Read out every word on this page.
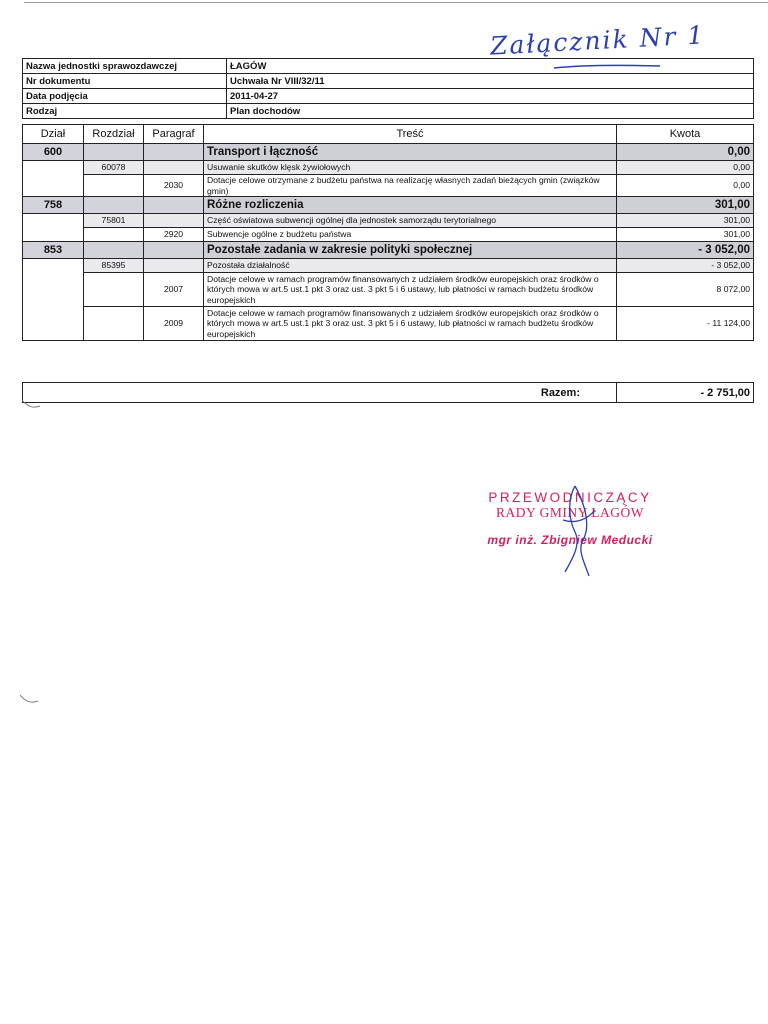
Załącznik Nr 1
Nazwa jednostki sprawozdawczej	ŁAGÓW
Nr dokumentu	Uchwała Nr VIII/32/11
Data podjęcia	2011-04-27
Rodzaj	Plan dochodów
Dział	Rozdział	Paragraf	Treść	Kwota
600			Transport i łączność	0,00
	60078		Usuwanie skutków klęsk żywiołowych	0,00
		2030	Dotacje celowe otrzymane z budżetu państwa na realizację własnych zadań bieżących gmin (związków gmin)	0,00
758			Różne rozliczenia	301,00
	75801		Część oświatowa subwencji ogólnej dla jednostek samorządu terytorialnego	301,00
		2920	Subwencje ogólne z budżetu państwa	301,00
853			Pozostałe zadania w zakresie polityki społecznej	- 3 052,00
	85395		Pozostała działalność	- 3 052,00
		2007	Dotacje celowe w ramach programów finansowanych z udziałem środków europejskich oraz środków o których mowa w art.5 ust.1 pkt 3 oraz ust. 3 pkt 5 i 6 ustawy, lub płatności w ramach budżetu środków europejskich	8 072,00
		2009	Dotacje celowe w ramach programów finansowanych z udziałem środków europejskich oraz środków o których mowa w art.5 ust.1 pkt 3 oraz ust. 3 pkt 5 i 6 ustawy, lub płatności w ramach budżetu środków europejskich	- 11 124,00
Razem:	- 2 751,00
PRZEWODNICZĄCY
RADY GMINY ŁAGÓW
mgr inż. Zbigniew Meducki
